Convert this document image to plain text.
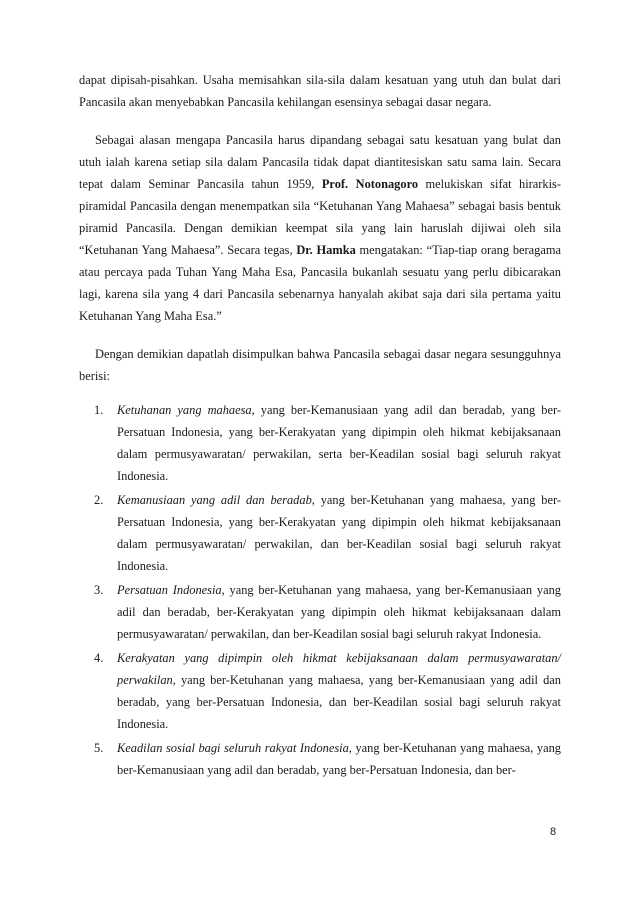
dapat dipisah-pisahkan. Usaha memisahkan sila-sila dalam kesatuan yang utuh dan bulat dari Pancasila akan menyebabkan Pancasila kehilangan esensinya sebagai dasar negara.

Sebagai alasan mengapa Pancasila harus dipandang sebagai satu kesatuan yang bulat dan utuh ialah karena setiap sila dalam Pancasila tidak dapat diantitesiskan satu sama lain. Secara tepat dalam Seminar Pancasila tahun 1959, Prof. Notonagoro melukiskan sifat hirarkis-piramidal Pancasila dengan menempatkan sila “Ketuhanan Yang Mahaesa” sebagai basis bentuk piramid Pancasila. Dengan demikian keempat sila yang lain haruslah dijiwai oleh sila “Ketuhanan Yang Mahaesa”. Secara tegas, Dr. Hamka mengatakan: “Tiap-tiap orang beragama atau percaya pada Tuhan Yang Maha Esa, Pancasila bukanlah sesuatu yang perlu dibicarakan lagi, karena sila yang 4 dari Pancasila sebenarnya hanyalah akibat saja dari sila pertama yaitu Ketuhanan Yang Maha Esa.”

Dengan demikian dapatlah disimpulkan bahwa Pancasila sebagai dasar negara sesungguhnya berisi:

1. Ketuhanan yang mahaesa, yang ber-Kemanusiaan yang adil dan beradab, yang ber-Persatuan Indonesia, yang ber-Kerakyatan yang dipimpin oleh hikmat kebijaksanaan dalam permusyawaratan/ perwakilan, serta ber-Keadilan sosial bagi seluruh rakyat Indonesia.
2. Kemanusiaan yang adil dan beradab, yang ber-Ketuhanan yang mahaesa, yang ber-Persatuan Indonesia, yang ber-Kerakyatan yang dipimpin oleh hikmat kebijaksanaan dalam permusyawaratan/ perwakilan, dan ber-Keadilan sosial bagi seluruh rakyat Indonesia.
3. Persatuan Indonesia, yang ber-Ketuhanan yang mahaesa, yang ber-Kemanusiaan yang adil dan beradab, ber-Kerakyatan yang dipimpin oleh hikmat kebijaksanaan dalam permusyawaratan/ perwakilan, dan ber-Keadilan sosial bagi seluruh rakyat Indonesia.
4. Kerakyatan yang dipimpin oleh hikmat kebijaksanaan dalam permusyawaratan/ perwakilan, yang ber-Ketuhanan yang mahaesa, yang ber-Kemanusiaan yang adil dan beradab, yang ber-Persatuan Indonesia, dan ber-Keadilan sosial bagi seluruh rakyat Indonesia.
5. Keadilan sosial bagi seluruh rakyat Indonesia, yang ber-Ketuhanan yang mahaesa, yang ber-Kemanusiaan yang adil dan beradab, yang ber-Persatuan Indonesia, dan ber-
8
